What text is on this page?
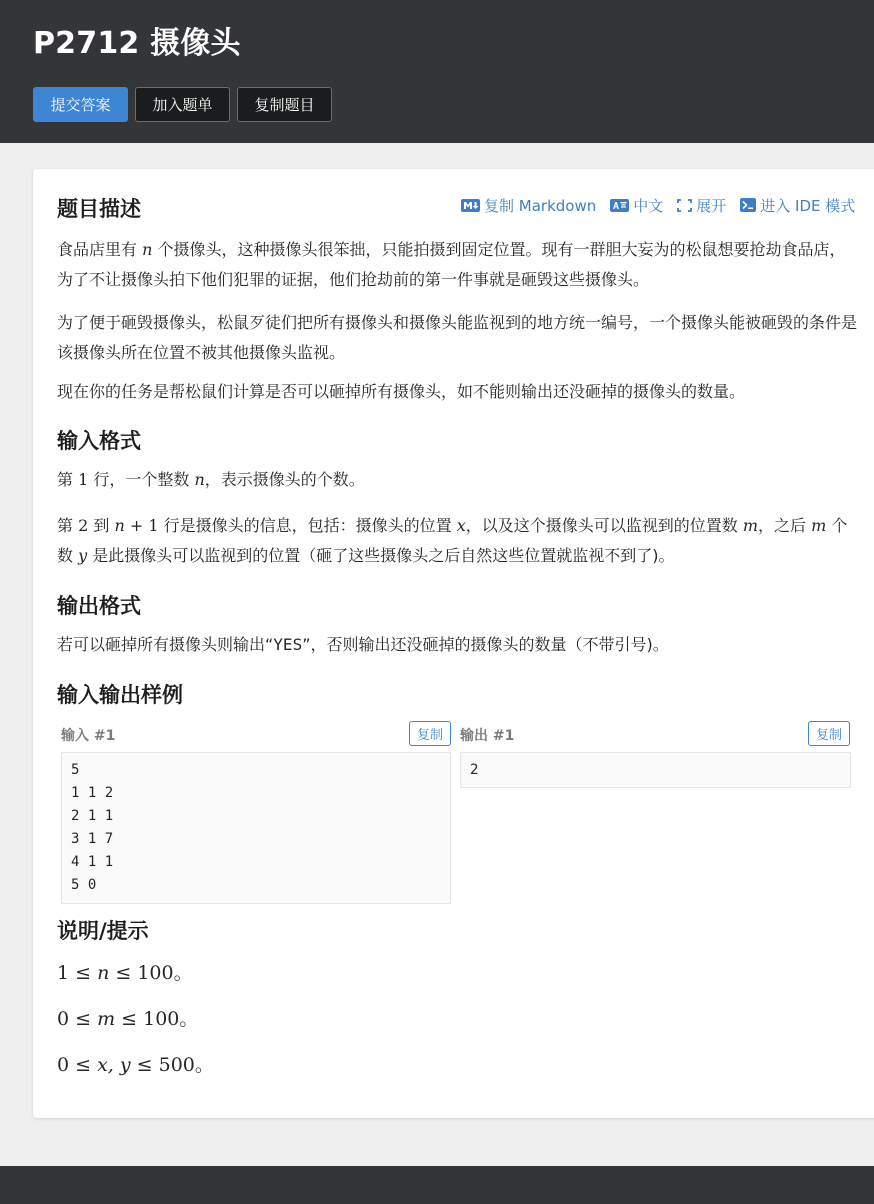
P2712 摄像头
提交答案	加入题单	复制题目
题目描述	复制 Markdown 中文 展开 进入 IDE 模式
食品店里有 n 个摄像头，这种摄像头很笨拙，只能拍摄到固定位置。现有一群胆大妄为的松鼠想要抢劫食品店，为了不让摄像头拍下他们犯罪的证据，他们抢劫前的第一件事就是砸毁这些摄像头。
为了便于砸毁摄像头，松鼠歹徒们把所有摄像头和摄像头能监视到的地方统一编号，一个摄像头能被砸毁的条件是该摄像头所在位置不被其他摄像头监视。
现在你的任务是帮松鼠们计算是否可以砸掉所有摄像头，如不能则输出还没砸掉的摄像头的数量。
输入格式
第 1 行，一个整数 n，表示摄像头的个数。
第 2 到 n + 1 行是摄像头的信息，包括：摄像头的位置 x，以及这个摄像头可以监视到的位置数 m，之后 m 个数 y 是此摄像头可以监视到的位置（砸了这些摄像头之后自然这些位置就监视不到了)。
输出格式
若可以砸掉所有摄像头则输出“YES”，否则输出还没砸掉的摄像头的数量（不带引号)。
输入输出样例
输入 #1	复制
5
1 1 2
2 1 1
3 1 7
4 1 1
5 0
输出 #1	复制
2
说明/提示
1 ≤ n ≤ 100。
0 ≤ m ≤ 100。
0 ≤ x, y ≤ 500。
